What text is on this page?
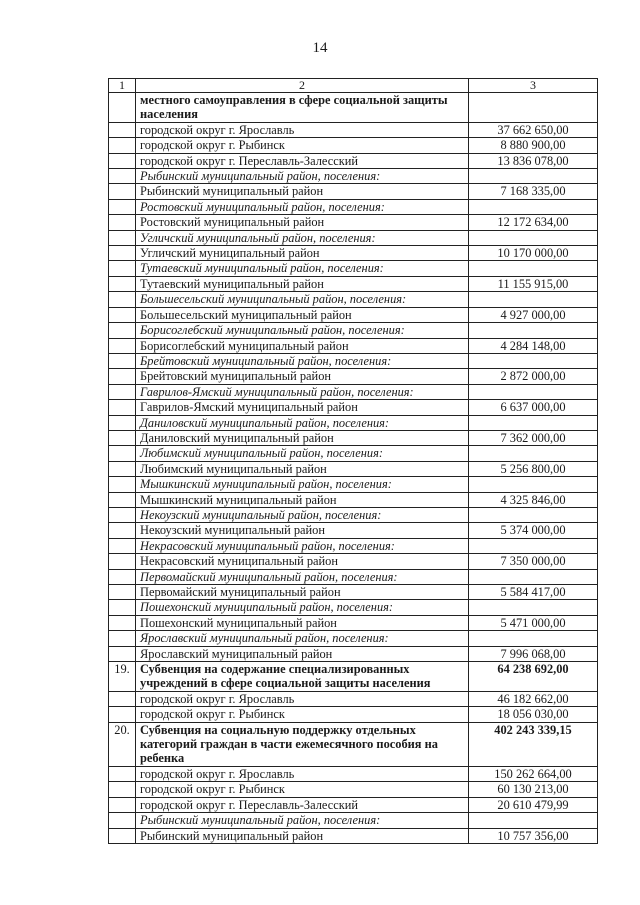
14
1	2	3
	местного самоуправления в сфере социальной защиты населения	
	городской округ г. Ярославль	37 662 650,00
	городской округ г. Рыбинск	8 880 900,00
	городской округ г. Переславль-Залесский	13 836 078,00
	Рыбинский муниципальный район, поселения:	
	Рыбинский муниципальный район	7 168 335,00
	Ростовский муниципальный район, поселения:	
	Ростовский муниципальный район	12 172 634,00
	Угличский муниципальный район, поселения:	
	Угличский муниципальный район	10 170 000,00
	Тутаевский муниципальный район, поселения:	
	Тутаевский муниципальный район	11 155 915,00
	Большесельский муниципальный район, поселения:	
	Большесельский муниципальный район	4 927 000,00
	Борисоглебский муниципальный район, поселения:	
	Борисоглебский муниципальный район	4 284 148,00
	Брейтовский муниципальный район, поселения:	
	Брейтовский муниципальный район	2 872 000,00
	Гаврилов-Ямский муниципальный район, поселения:	
	Гаврилов-Ямский муниципальный район	6 637 000,00
	Даниловский муниципальный район, поселения:	
	Даниловский муниципальный район	7 362 000,00
	Любимский муниципальный район, поселения:	
	Любимский муниципальный район	5 256 800,00
	Мышкинский муниципальный район, поселения:	
	Мышкинский муниципальный район	4 325 846,00
	Некоузский муниципальный район, поселения:	
	Некоузский муниципальный район	5 374 000,00
	Некрасовский муниципальный район, поселения:	
	Некрасовский муниципальный район	7 350 000,00
	Первомайский муниципальный район, поселения:	
	Первомайский муниципальный район	5 584 417,00
	Пошехонский муниципальный район, поселения:	
	Пошехонский муниципальный район	5 471 000,00
	Ярославский муниципальный район, поселения:	
	Ярославский муниципальный район	7 996 068,00
19.	Субвенция на содержание специализированных учреждений в сфере социальной защиты населения	64 238 692,00
	городской округ г. Ярославль	46 182 662,00
	городской округ г. Рыбинск	18 056 030,00
20.	Субвенция на социальную поддержку отдельных категорий граждан в части ежемесячного пособия на ребенка	402 243 339,15
	городской округ г. Ярославль	150 262 664,00
	городской округ г. Рыбинск	60 130 213,00
	городской округ г. Переславль-Залесский	20 610 479,99
	Рыбинский муниципальный район, поселения:	
	Рыбинский муниципальный район	10 757 356,00
